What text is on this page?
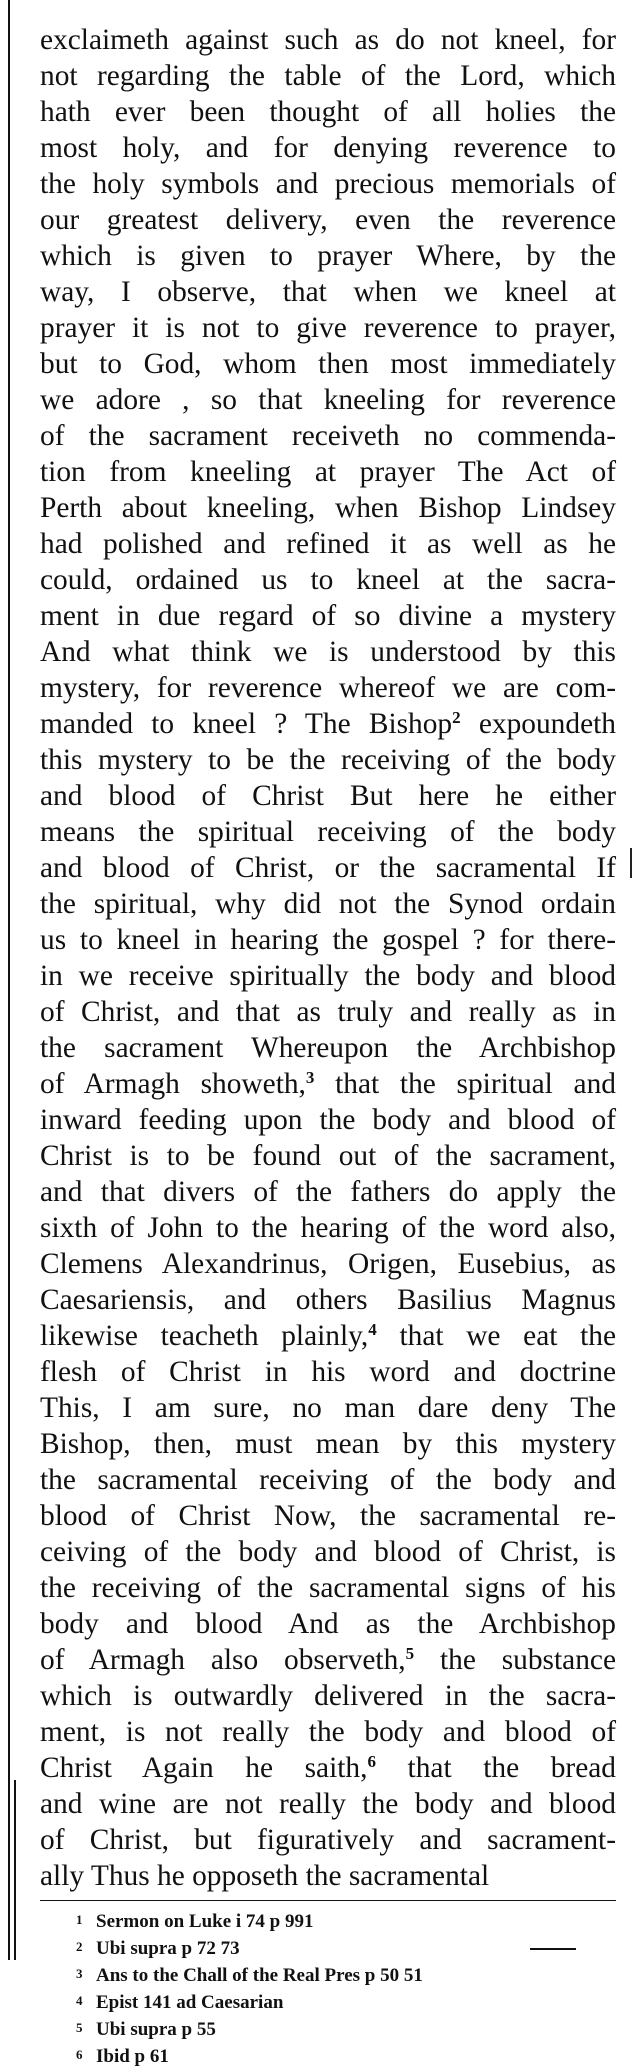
exclaimeth against such as do not kneel, for
not regarding the table of the Lord, which
hath ever been thought of all holies the
most holy, and for denying reverence to
the holy symbols and precious memorials of
our greatest delivery, even the reverence
which is given to prayer Where, by the
way, I observe, that when we kneel at
prayer it is not to give reverence to prayer,
but to God, whom then most immediately
we adore , so that kneeling for reverence
of the sacrament receiveth no commenda-
tion from kneeling at prayer The Act of
Perth about kneeling, when Bishop Lindsey
had polished and refined it as well as he
could, ordained us to kneel at the sacra-
ment in due regard of so divine a mystery
And what think we is understood by this
mystery, for reverence whereof we are com-
manded to kneel ? The Bishop$^2$ expoundeth
this mystery to be the receiving of the body
and blood of Christ But here he either
means the spiritual receiving of the body
and blood of Christ, or the sacramental If
the spiritual, why did not the Synod ordain
us to kneel in hearing the gospel ? for there-
in we receive spiritually the body and blood
of Christ, and that as truly and really as in
the sacrament Whereupon the Archbishop
of Armagh showeth,$^3$ that the spiritual and
inward feeding upon the body and blood of
Christ is to be found out of the sacrament,
and that divers of the fathers do apply the
sixth of John to the hearing of the word also,
Clemens Alexandrinus, Origen, Eusebius, as
Caesariensis, and others Basilius Magnus
likewise teacheth plainly,$^4$ that we eat the
flesh of Christ in his word and doctrine
This, I am sure, no man dare deny The
Bishop, then, must mean by this mystery
the sacramental receiving of the body and
blood of Christ Now, the sacramental re-
ceiving of the body and blood of Christ, is
the receiving of the sacramental signs of his
body and blood And as the Archbishop
of Armagh also observeth,$^5$ the substance
which is outwardly delivered in the sacra-
ment, is not really the body and blood of
Christ Again he saith,$^6$ that the bread
and wine are not really the body and blood
of Christ, but figuratively and sacrament-
ally Thus he opposeth the sacramental
1 Sermon on Luke i 74 p 991
2 Ubi supra p 72 73
3 Ans to the Chall of the Real Pres p 50 51
4 Epist 141 ad Caesarian
5 Ubi supra p 55
6 Ibid p 61
